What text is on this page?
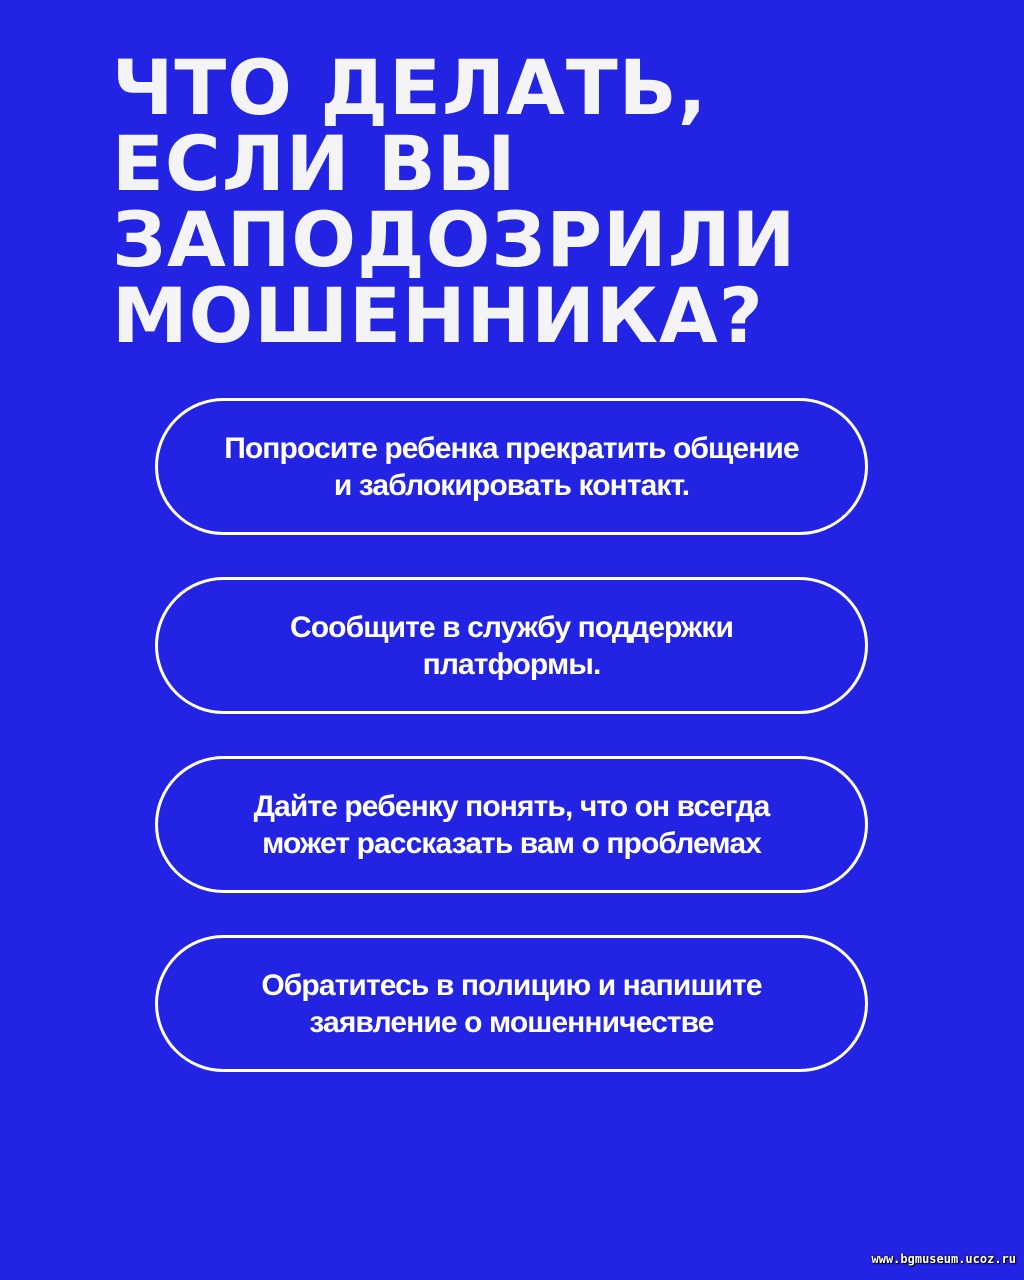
ЧТО ДЕЛАТЬ,
ЕСЛИ ВЫ
ЗАПОДОЗРИЛИ
МОШЕННИКА?
Попросите ребенка прекратить общение
и заблокировать контакт.
Сообщите в службу поддержки
платформы.
Дайте ребенку понять, что он всегда
может рассказать вам о проблемах
Обратитесь в полицию и напишите
заявление о мошенничестве
www.bgmuseum.ucoz.ru
